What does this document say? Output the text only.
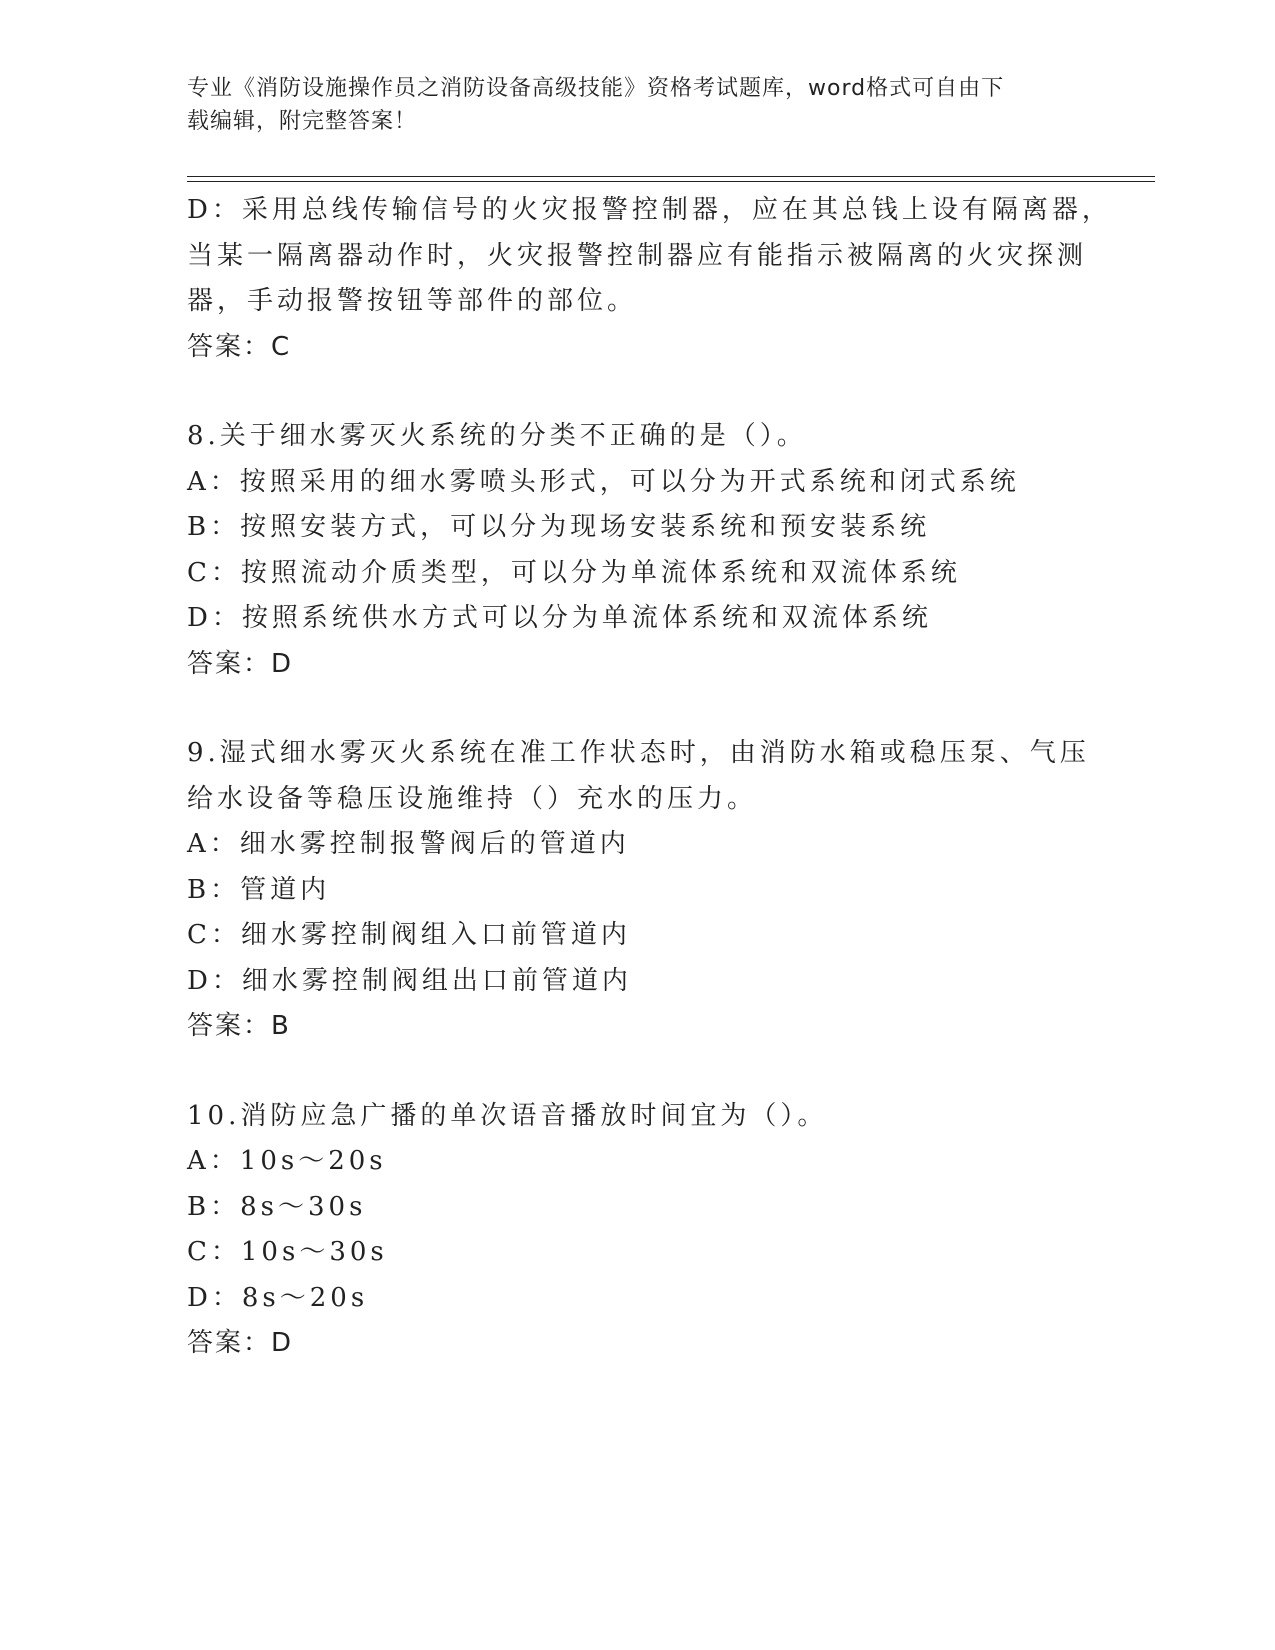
专业《消防设施操作员之消防设备高级技能》资格考试题库，word格式可自由下
载编辑，附完整答案！
D：采用总线传输信号的火灾报警控制器，应在其总钱上设有隔离器，
当某一隔离器动作时，火灾报警控制器应有能指示被隔离的火灾探测
器，手动报警按钮等部件的部位。
答案：C
8.关于细水雾灭火系统的分类不正确的是（）。
A：按照采用的细水雾喷头形式，可以分为开式系统和闭式系统
B：按照安装方式，可以分为现场安装系统和预安装系统
C：按照流动介质类型，可以分为单流体系统和双流体系统
D：按照系统供水方式可以分为单流体系统和双流体系统
答案：D
9.湿式细水雾灭火系统在准工作状态时，由消防水箱或稳压泵、气压
给水设备等稳压设施维持（）充水的压力。
A：细水雾控制报警阀后的管道内
B：管道内
C：细水雾控制阀组入口前管道内
D：细水雾控制阀组出口前管道内
答案：B
10.消防应急广播的单次语音播放时间宜为（）。
A：10s～20s
B：8s～30s
C：10s～30s
D：8s～20s
答案：D
